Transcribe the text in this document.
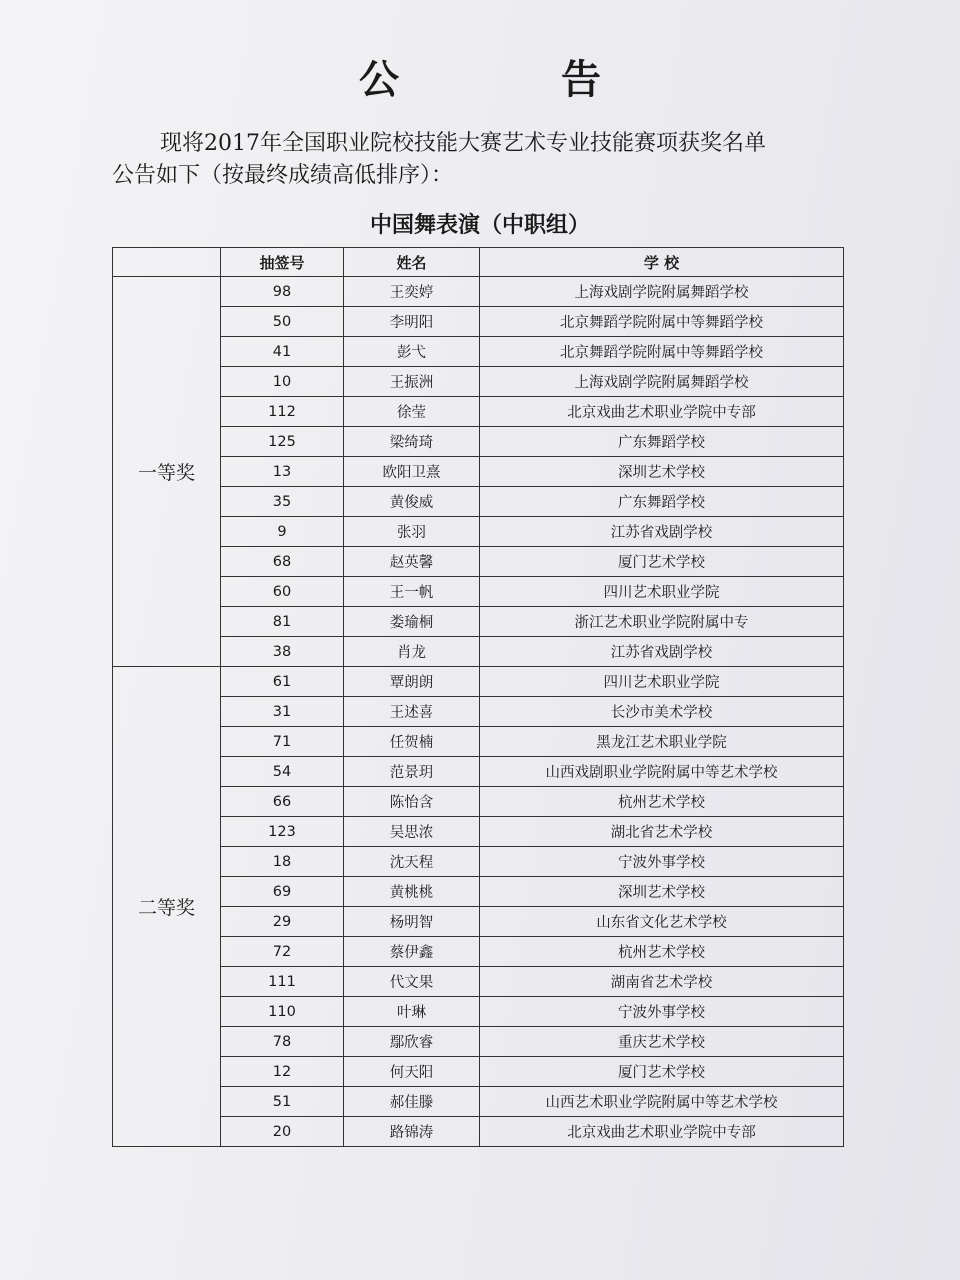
公 告
现将2017年全国职业院校技能大赛艺术专业技能赛项获奖名单
公告如下（按最终成绩高低排序）：
中国舞表演（中职组）
	抽签号	姓名	学 校
一等奖	98	王奕婷	上海戏剧学院附属舞蹈学校
	50	李明阳	北京舞蹈学院附属中等舞蹈学校
	41	彭弋	北京舞蹈学院附属中等舞蹈学校
	10	王振洲	上海戏剧学院附属舞蹈学校
	112	徐莹	北京戏曲艺术职业学院中专部
	125	梁绮琦	广东舞蹈学校
	13	欧阳卫熹	深圳艺术学校
	35	黄俊威	广东舞蹈学校
	9	张羽	江苏省戏剧学校
	68	赵英馨	厦门艺术学校
	60	王一帆	四川艺术职业学院
	81	娄瑜桐	浙江艺术职业学院附属中专
	38	肖龙	江苏省戏剧学校
二等奖	61	覃朗朗	四川艺术职业学院
	31	王述喜	长沙市美术学校
	71	任贺楠	黑龙江艺术职业学院
	54	范景玥	山西戏剧职业学院附属中等艺术学校
	66	陈怡含	杭州艺术学校
	123	吴思浓	湖北省艺术学校
	18	沈天程	宁波外事学校
	69	黄桃桃	深圳艺术学校
	29	杨明智	山东省文化艺术学校
	72	蔡伊鑫	杭州艺术学校
	111	代文果	湖南省艺术学校
	110	叶琳	宁波外事学校
	78	鄢欣睿	重庆艺术学校
	12	何天阳	厦门艺术学校
	51	郝佳滕	山西艺术职业学院附属中等艺术学校
	20	路锦涛	北京戏曲艺术职业学院中专部
